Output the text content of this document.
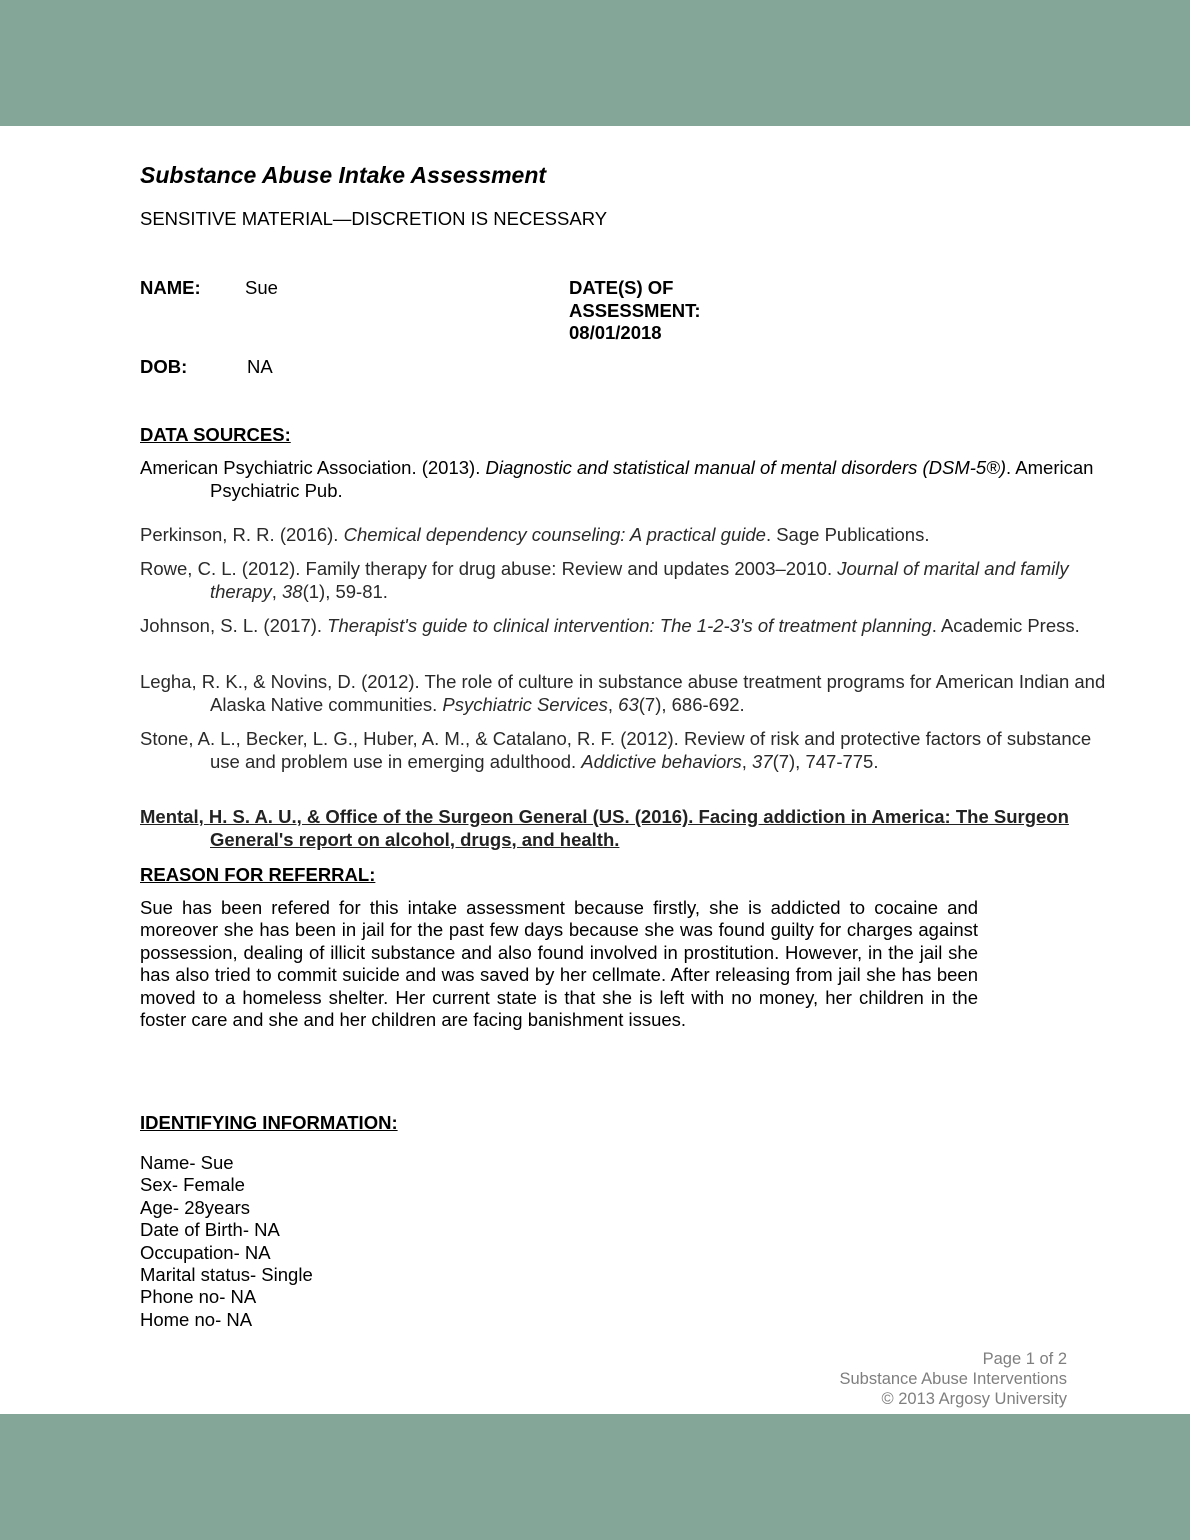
Substance Abuse Intake Assessment
SENSITIVE MATERIAL—DISCRETION IS NECESSARY
NAME: Sue	DATE(S) OF
ASSESSMENT:
08/01/2018
DOB:	NA
DATA SOURCES:
American Psychiatric Association. (2013). Diagnostic and statistical manual of mental disorders (DSM-5®). American Psychiatric Pub.
Perkinson, R. R. (2016). Chemical dependency counseling: A practical guide. Sage Publications.
Rowe, C. L. (2012). Family therapy for drug abuse: Review and updates 2003–2010. Journal of marital and family therapy, 38(1), 59-81.
Johnson, S. L. (2017). Therapist's guide to clinical intervention: The 1-2-3's of treatment planning. Academic Press.
Legha, R. K., & Novins, D. (2012). The role of culture in substance abuse treatment programs for American Indian and Alaska Native communities. Psychiatric Services, 63(7), 686-692.
Stone, A. L., Becker, L. G., Huber, A. M., & Catalano, R. F. (2012). Review of risk and protective factors of substance use and problem use in emerging adulthood. Addictive behaviors, 37(7), 747-775.
Mental, H. S. A. U., & Office of the Surgeon General (US. (2016). Facing addiction in America: The Surgeon General's report on alcohol, drugs, and health.
REASON FOR REFERRAL:
Sue has been refered for this intake assessment because firstly, she is addicted to cocaine and moreover she has been in jail for the past few days because she was found guilty for charges against possession, dealing of illicit substance and also found involved in prostitution. However, in the jail she has also tried to commit suicide and was saved by her cellmate. After releasing from jail she has been moved to a homeless shelter. Her current state is that she is left with no money, her children in the foster care and she and her children are facing banishment issues.
IDENTIFYING INFORMATION:
Name- Sue
Sex- Female
Age- 28years
Date of Birth- NA
Occupation- NA
Marital status- Single
Phone no- NA
Home no- NA
Page 1 of 2
Substance Abuse Interventions
© 2013 Argosy University
